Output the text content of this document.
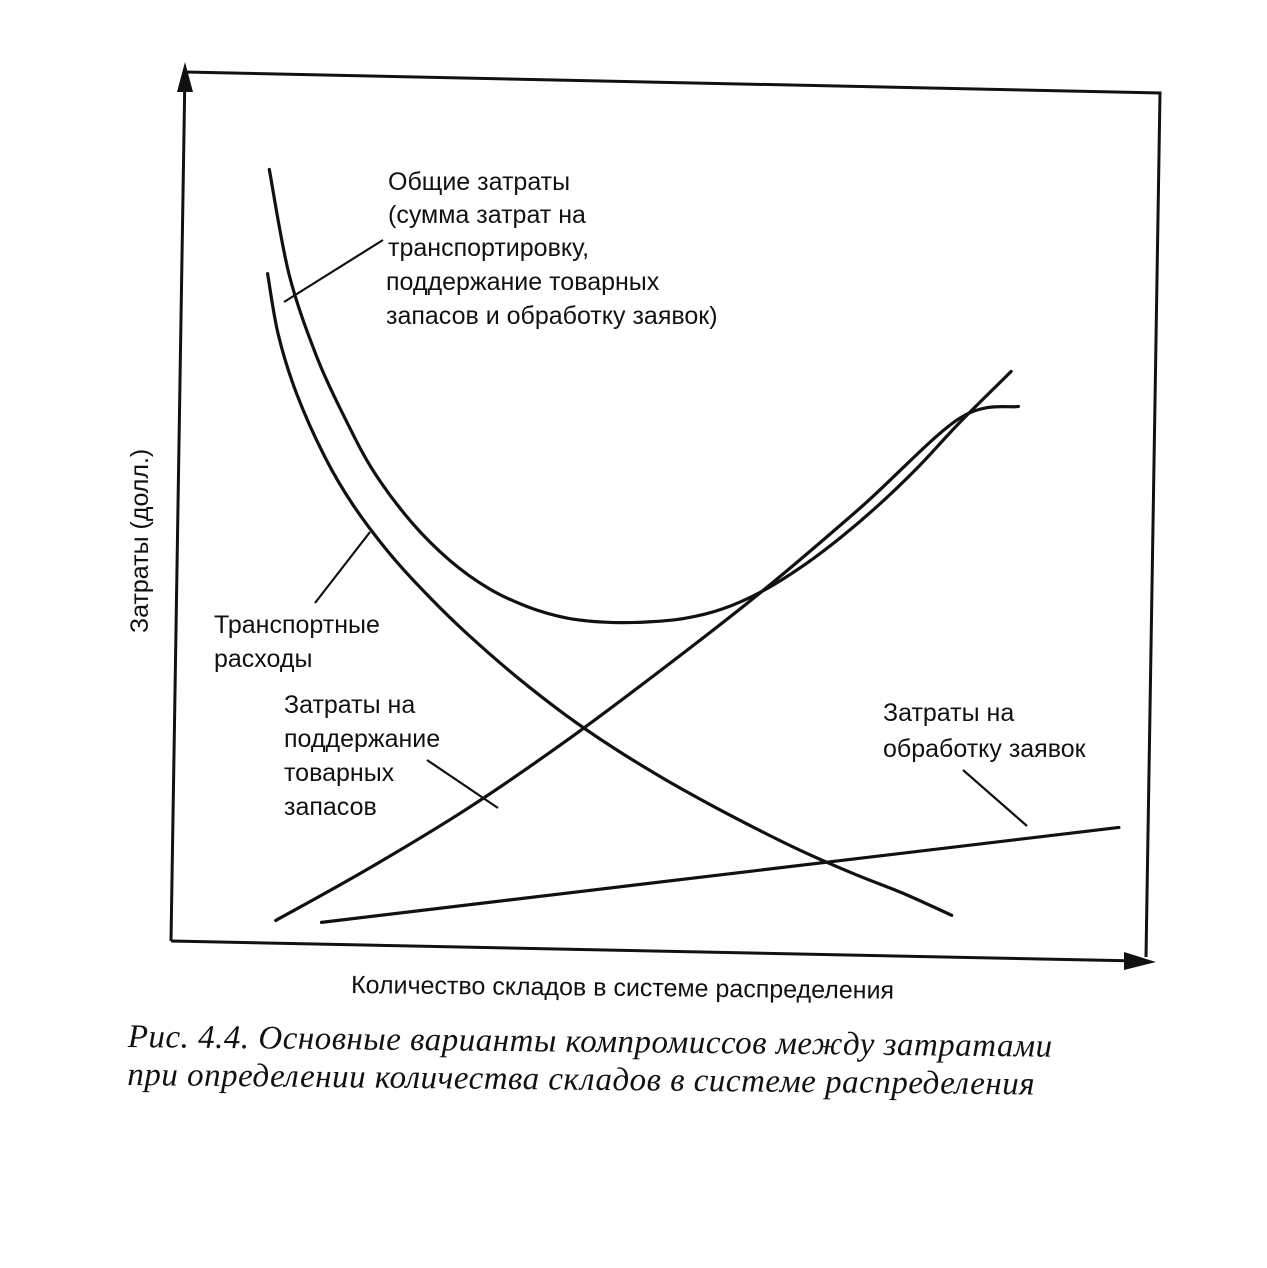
Затраты (долл.)
Количество складов в системе распределения
Общие затраты (сумма затрат на транспортировку, поддержание товарных запасов и обработку заявок)
Транспортные расходы
Затраты на поддержание товарных запасов
Затраты на обработку заявок
Рис. 4.4. Основные варианты компромиссов между затратами
при определении количества складов в системе распределения
